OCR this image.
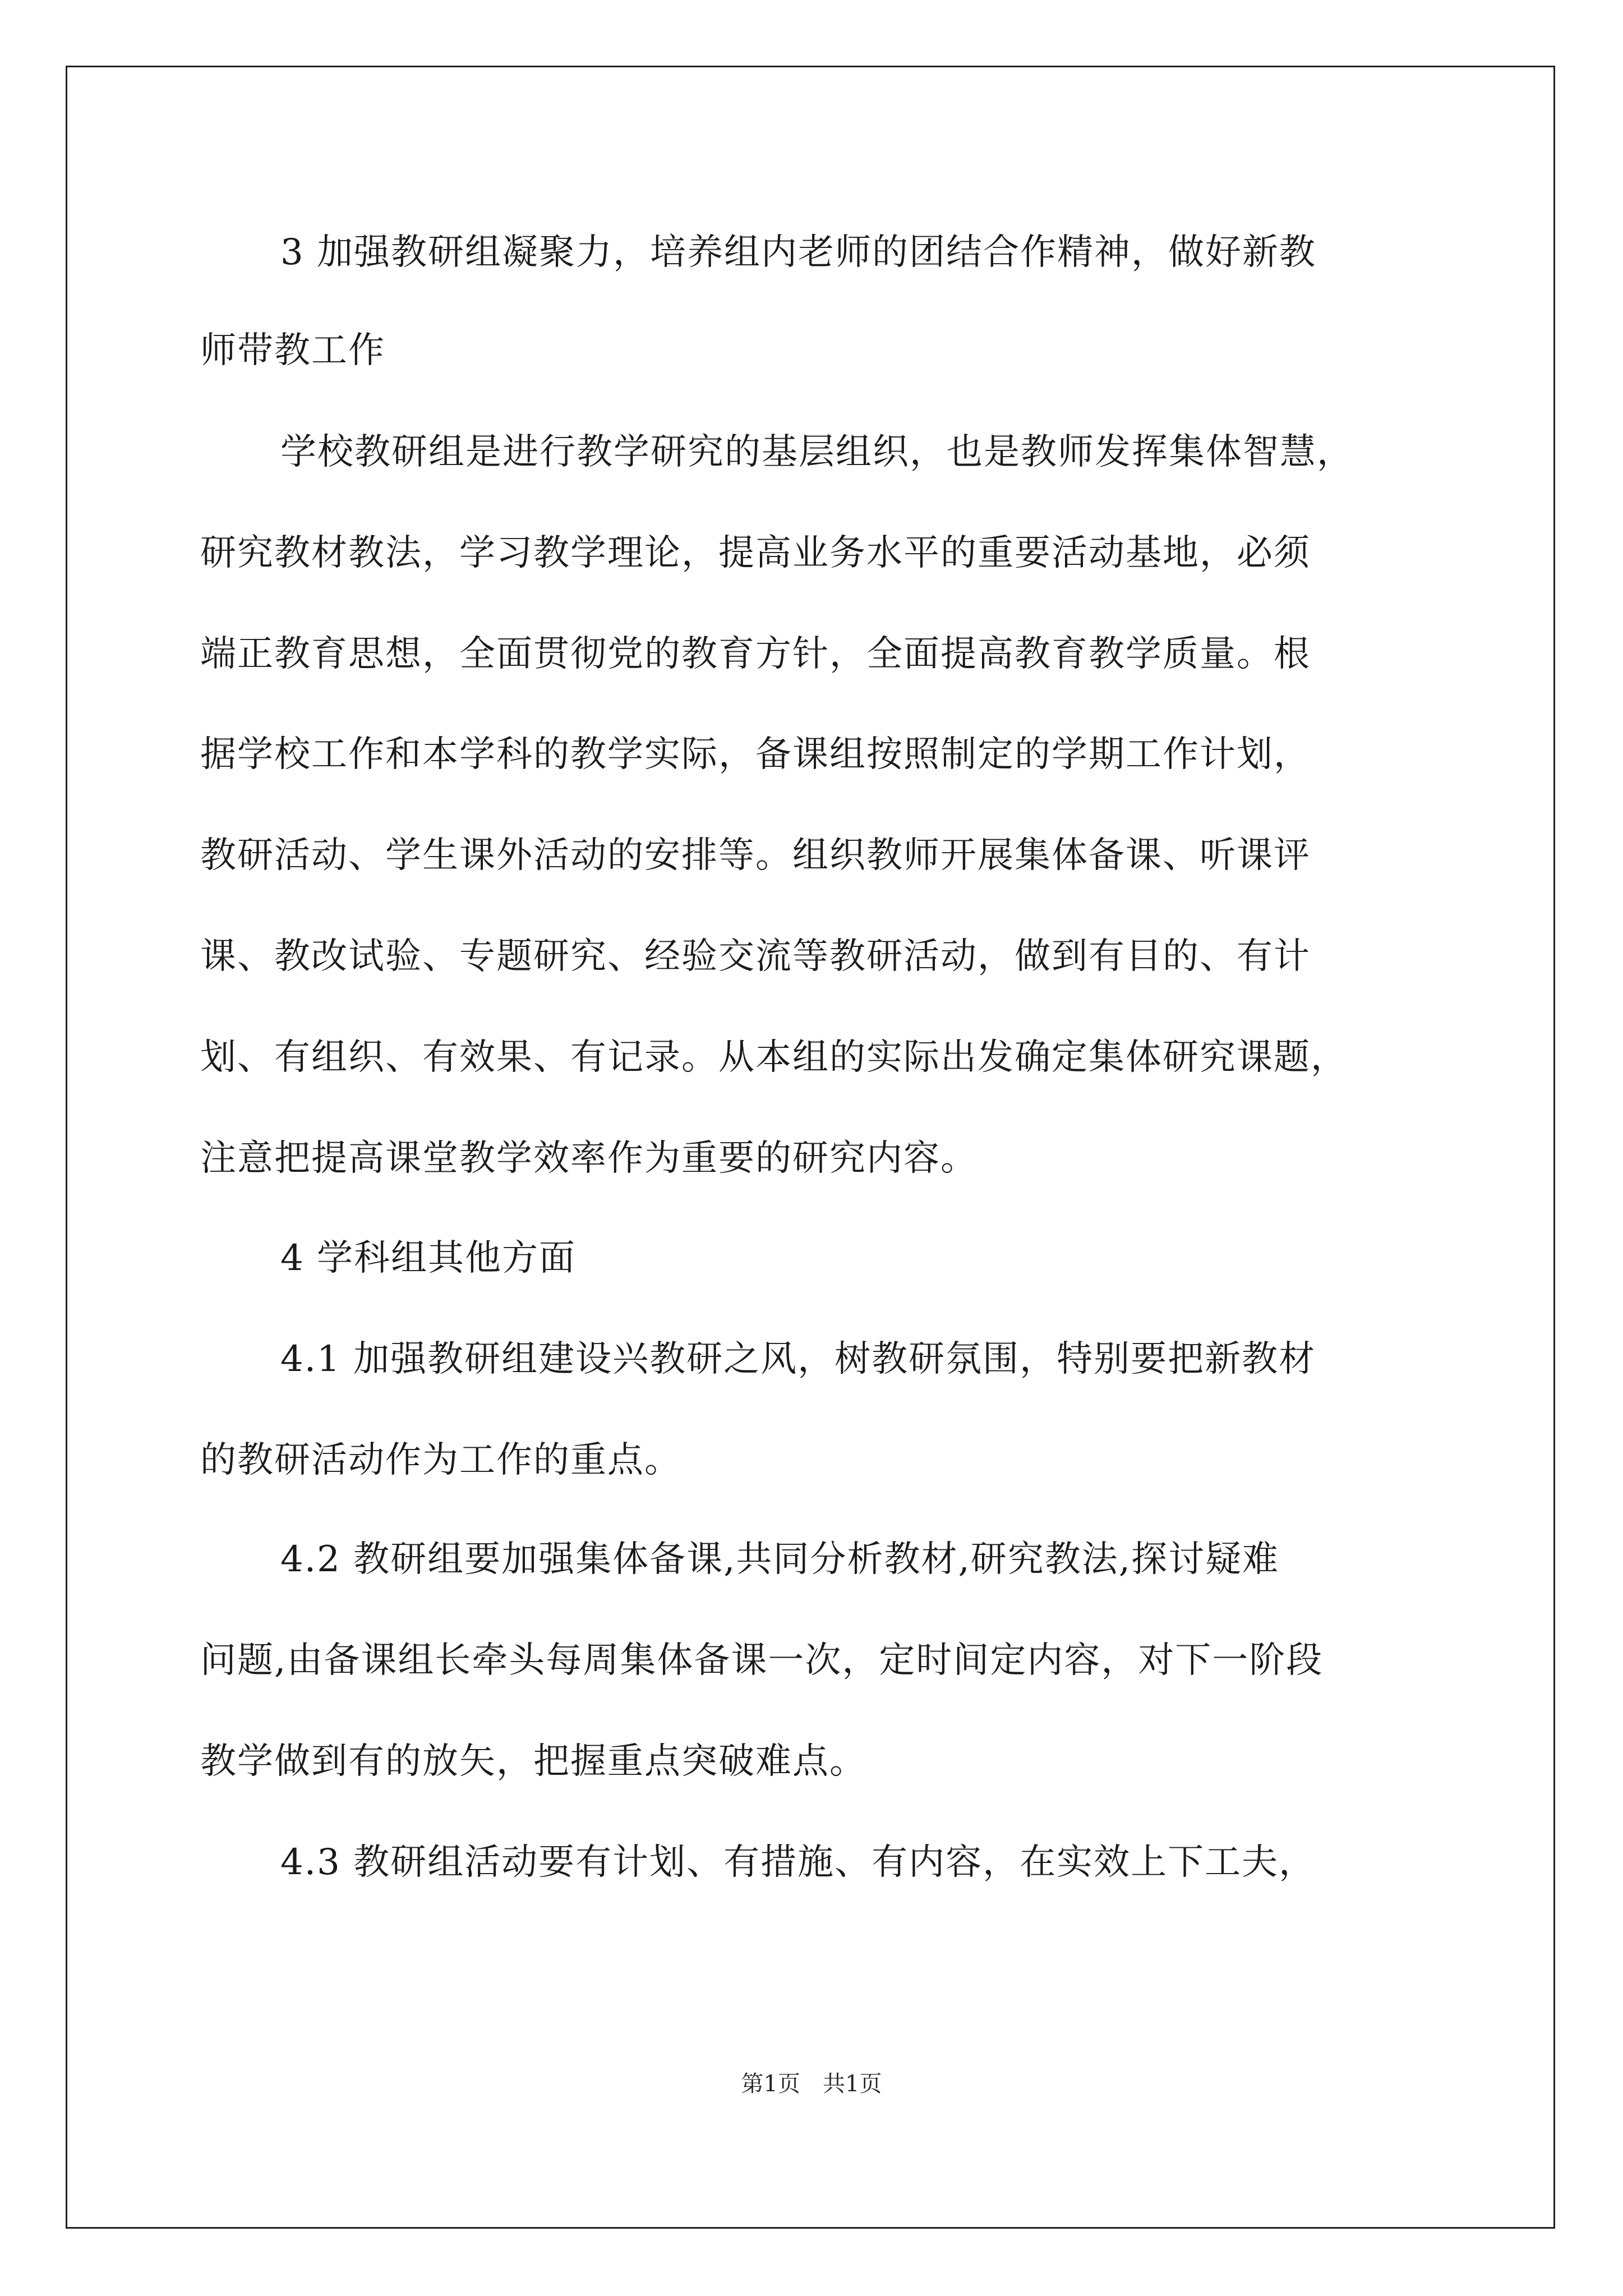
3 加强教研组凝聚力，培养组内老师的团结合作精神，做好新教
师带教工作
学校教研组是进行教学研究的基层组织，也是教师发挥集体智慧，
研究教材教法，学习教学理论，提高业务水平的重要活动基地，必须
端正教育思想，全面贯彻党的教育方针，全面提高教育教学质量。根
据学校工作和本学科的教学实际，备课组按照制定的学期工作计划，
教研活动、学生课外活动的安排等。组织教师开展集体备课、听课评
课、教改试验、专题研究、经验交流等教研活动，做到有目的、有计
划、有组织、有效果、有记录。从本组的实际出发确定集体研究课题，
注意把提高课堂教学效率作为重要的研究内容。
4 学科组其他方面
4.1 加强教研组建设兴教研之风，树教研氛围，特别要把新教材
的教研活动作为工作的重点。
4.2 教研组要加强集体备课,共同分析教材,研究教法,探讨疑难
问题,由备课组长牵头每周集体备课一次，定时间定内容，对下一阶段
教学做到有的放矢，把握重点突破难点。
4.3 教研组活动要有计划、有措施、有内容，在实效上下工夫，
第1页　共1页
